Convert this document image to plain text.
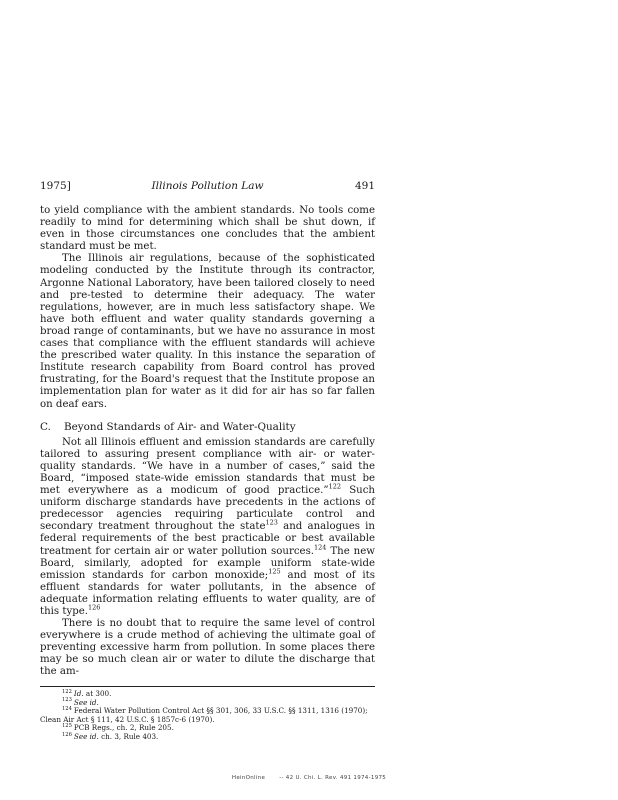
1975]	Illinois Pollution Law	491

to yield compliance with the ambient standards. No tools come readily to mind for determining which shall be shut down, if even in those circumstances one concludes that the ambient standard must be met.

The Illinois air regulations, because of the sophisticated modeling conducted by the Institute through its contractor, Argonne National Laboratory, have been tailored closely to need and pre-tested to determine their adequacy. The water regulations, however, are in much less satisfactory shape. We have both effluent and water quality standards governing a broad range of contaminants, but we have no assurance in most cases that compliance with the effluent standards will achieve the prescribed water quality. In this instance the separation of Institute research capability from Board control has proved frustrating, for the Board's request that the Institute propose an implementation plan for water as it did for air has so far fallen on deaf ears.

C. Beyond Standards of Air- and Water-Quality

Not all Illinois effluent and emission standards are carefully tailored to assuring present compliance with air- or water-quality standards. “We have in a number of cases,” said the Board, “imposed state-wide emission standards that must be met everywhere as a modicum of good practice.”$^{122}$ Such uniform discharge standards have precedents in the actions of predecessor agencies requiring particulate control and secondary treatment throughout the state$^{123}$ and analogues in federal requirements of the best practicable or best available treatment for certain air or water pollution sources.$^{124}$ The new Board, similarly, adopted for example uniform state-wide emission standards for carbon monoxide;$^{125}$ and most of its effluent standards for water pollutants, in the absence of adequate information relating effluents to water quality, are of this type.$^{126}$

There is no doubt that to require the same level of control everywhere is a crude method of achieving the ultimate goal of preventing excessive harm from pollution. In some places there may be so much clean air or water to dilute the discharge that the am-

$^{122}$ Id. at 300.

$^{123}$ See id.

$^{124}$ Federal Water Pollution Control Act §§ 301, 306, 33 U.S.C. §§ 1311, 1316 (1970); Clean Air Act § 111, 42 U.S.C. § 1857c-6 (1970).

$^{125}$ PCB Regs., ch. 2, Rule 205.

$^{126}$ See id. ch. 3, Rule 403.

HeinOnline	-- 42 U. Chi. L. Rev. 491 1974-1975
